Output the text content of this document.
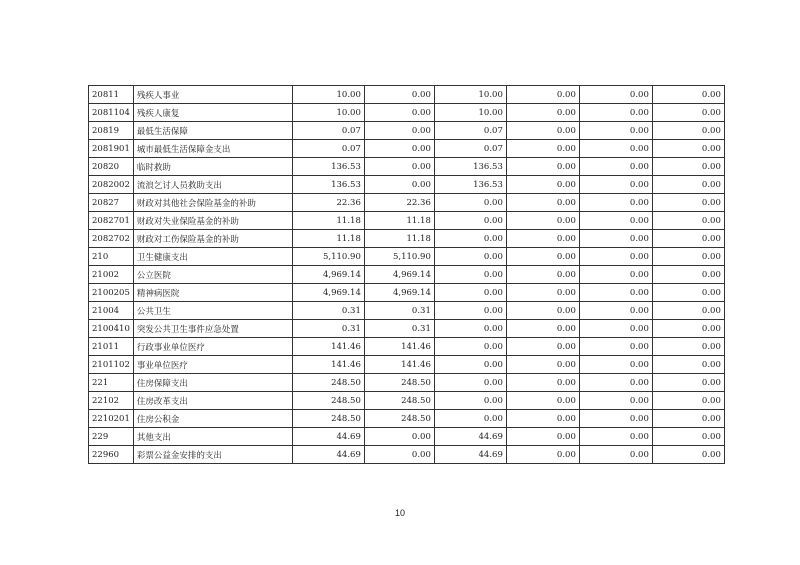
20811	残疾人事业	10.00	0.00	10.00	0.00	0.00	0.00
2081104	残疾人康复	10.00	0.00	10.00	0.00	0.00	0.00
20819	最低生活保障	0.07	0.00	0.07	0.00	0.00	0.00
2081901	城市最低生活保障金支出	0.07	0.00	0.07	0.00	0.00	0.00
20820	临时救助	136.53	0.00	136.53	0.00	0.00	0.00
2082002	流浪乞讨人员救助支出	136.53	0.00	136.53	0.00	0.00	0.00
20827	财政对其他社会保险基金的补助	22.36	22.36	0.00	0.00	0.00	0.00
2082701	财政对失业保险基金的补助	11.18	11.18	0.00	0.00	0.00	0.00
2082702	财政对工伤保险基金的补助	11.18	11.18	0.00	0.00	0.00	0.00
210	卫生健康支出	5,110.90	5,110.90	0.00	0.00	0.00	0.00
21002	公立医院	4,969.14	4,969.14	0.00	0.00	0.00	0.00
2100205	精神病医院	4,969.14	4,969.14	0.00	0.00	0.00	0.00
21004	公共卫生	0.31	0.31	0.00	0.00	0.00	0.00
2100410	突发公共卫生事件应急处置	0.31	0.31	0.00	0.00	0.00	0.00
21011	行政事业单位医疗	141.46	141.46	0.00	0.00	0.00	0.00
2101102	事业单位医疗	141.46	141.46	0.00	0.00	0.00	0.00
221	住房保障支出	248.50	248.50	0.00	0.00	0.00	0.00
22102	住房改革支出	248.50	248.50	0.00	0.00	0.00	0.00
2210201	住房公积金	248.50	248.50	0.00	0.00	0.00	0.00
229	其他支出	44.69	0.00	44.69	0.00	0.00	0.00
22960	彩票公益金安排的支出	44.69	0.00	44.69	0.00	0.00	0.00
10
